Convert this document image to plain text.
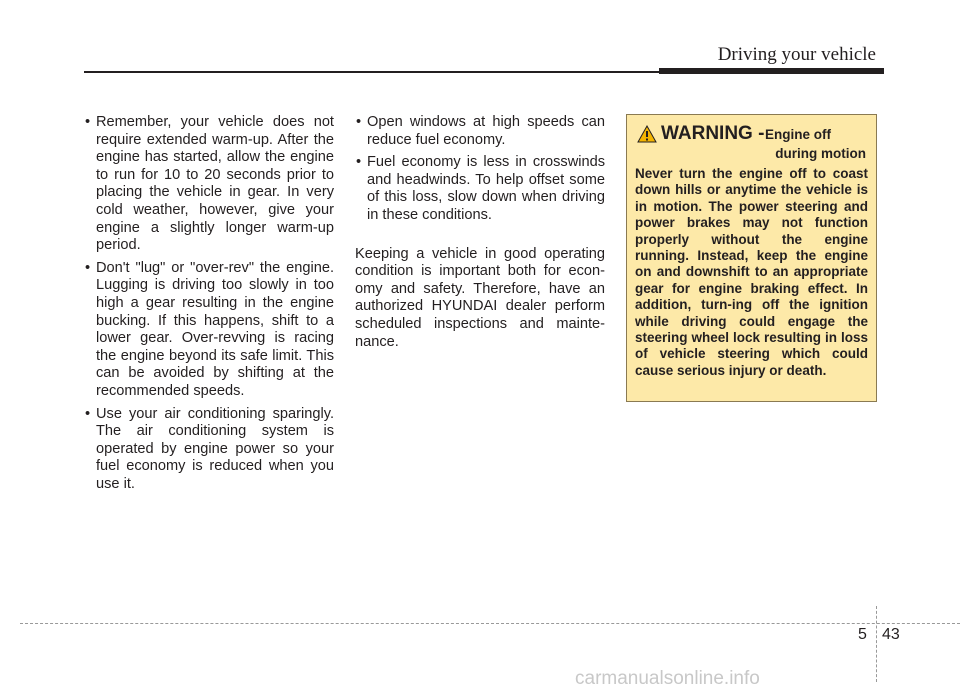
Driving your vehicle
• Remember, your vehicle does not require extended warm-up. After the engine has started, allow the engine to run for 10 to 20 seconds prior to placing the vehicle in gear. In very cold weather, however, give your engine a slightly longer warm-up period.
• Don't "lug" or "over-rev" the engine. Lugging is driving too slowly in too high a gear resulting in the engine bucking. If this happens, shift to a lower gear. Over-revving is racing the engine beyond its safe limit. This can be avoided by shifting at the recommended speeds.
• Use your air conditioning sparingly. The air conditioning system is operated by engine power so your fuel economy is reduced when you use it.
• Open windows at high speeds can reduce fuel economy.
• Fuel economy is less in crosswinds and headwinds. To help offset some of this loss, slow down when driving in these conditions.

Keeping a vehicle in good operating condition is important both for econ-omy and safety. Therefore, have an authorized HYUNDAI dealer perform scheduled inspections and mainte-nance.

WARNING - Engine off
during motion
Never turn the engine off to coast down hills or anytime the vehicle is in motion. The power steering and power brakes may not function properly without the engine running. Instead, keep the engine on and downshift to an appropriate gear for engine braking effect. In addition, turn-ing off the ignition while driving could engage the steering wheel lock resulting in loss of vehicle steering which could cause serious injury or death.
5 43
carmanualsonline.info
